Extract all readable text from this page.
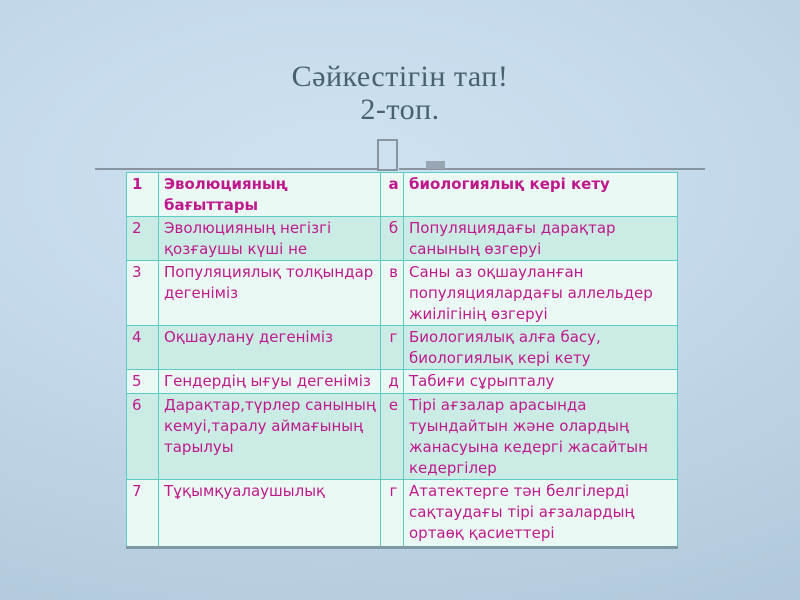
Сәйкестігін тап!
2-топ.
1	Эволюцияның бағыттары	а	биологиялық кері кету
2	Эволюцияның негізгі қозғаушы күші не	б	Популяциядағы дарақтар санының өзгеруі
3	Популяциялық толқындар дегеніміз	в	Саны аз оқшауланған популяциялардағы аллельдер жиілігінің өзгеруі
4	Оқшаулану дегеніміз	г	Биологиялық алға басу, биологиялық кері кету
5	Гендердің ығуы дегеніміз	д	Табиғи сұрыпталу
6	Дарақтар,түрлер санының кемуі,таралу аймағының тарылуы	е	Тірі ағзалар арасында туындайтын және олардың жанасуына кедергі жасайтын кедергілер
7	Тұқымқуалаушылық	г	Ататектерге тән белгілерді сақтаудағы тірі ағзалардың ортаөқ қасиеттері
